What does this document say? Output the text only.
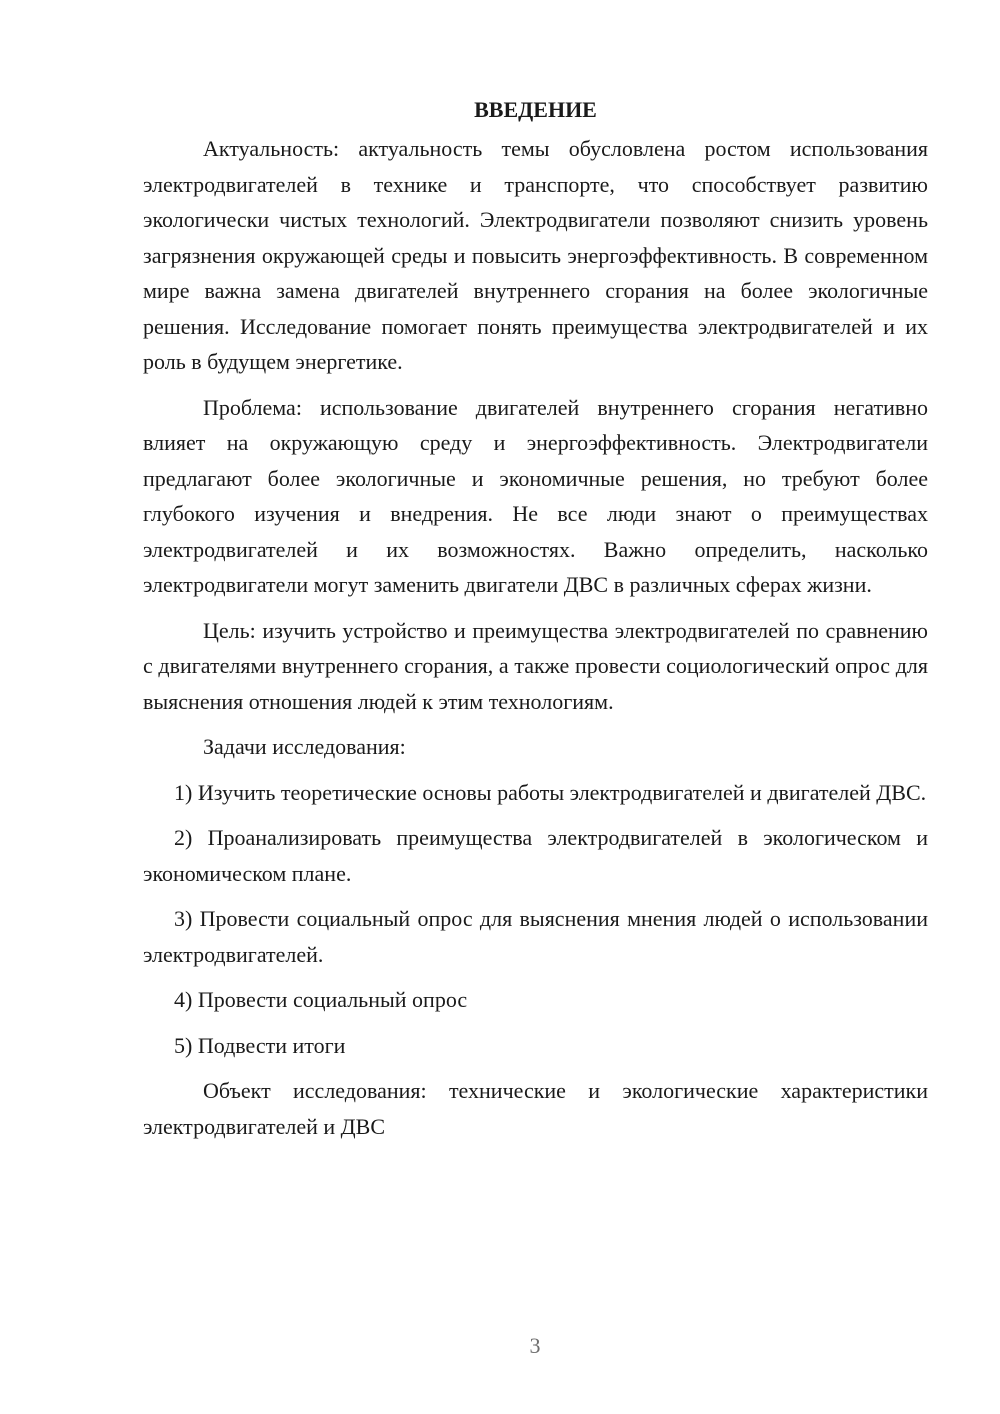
ВВЕДЕНИЕ

Актуальность: актуальность темы обусловлена ростом использования электродвигателей в технике и транспорте, что способствует развитию экологически чистых технологий. Электродвигатели позволяют снизить уровень загрязнения окружающей среды и повысить энергоэффективность. В современном мире важна замена двигателей внутреннего сгорания на более экологичные решения. Исследование помогает понять преимущества электродвигателей и их роль в будущем энергетике.

Проблема: использование двигателей внутреннего сгорания негативно влияет на окружающую среду и энергоэффективность. Электродвигатели предлагают более экологичные и экономичные решения, но требуют более глубокого изучения и внедрения. Не все люди знают о преимуществах электродвигателей и их возможностях. Важно определить, насколько электродвигатели могут заменить двигатели ДВС в различных сферах жизни.

Цель: изучить устройство и преимущества электродвигателей по сравнению с двигателями внутреннего сгорания, а также провести социологический опрос для выяснения отношения людей к этим технологиям.

Задачи исследования:

1) Изучить теоретические основы работы электродвигателей и двигателей ДВС.

2) Проанализировать преимущества электродвигателей в экологическом и экономическом плане.

3) Провести социальный опрос для выяснения мнения людей о использовании электродвигателей.

4) Провести социальный опрос

5) Подвести итоги

Объект исследования: технические и экологические характеристики электродвигателей и ДВС

3
